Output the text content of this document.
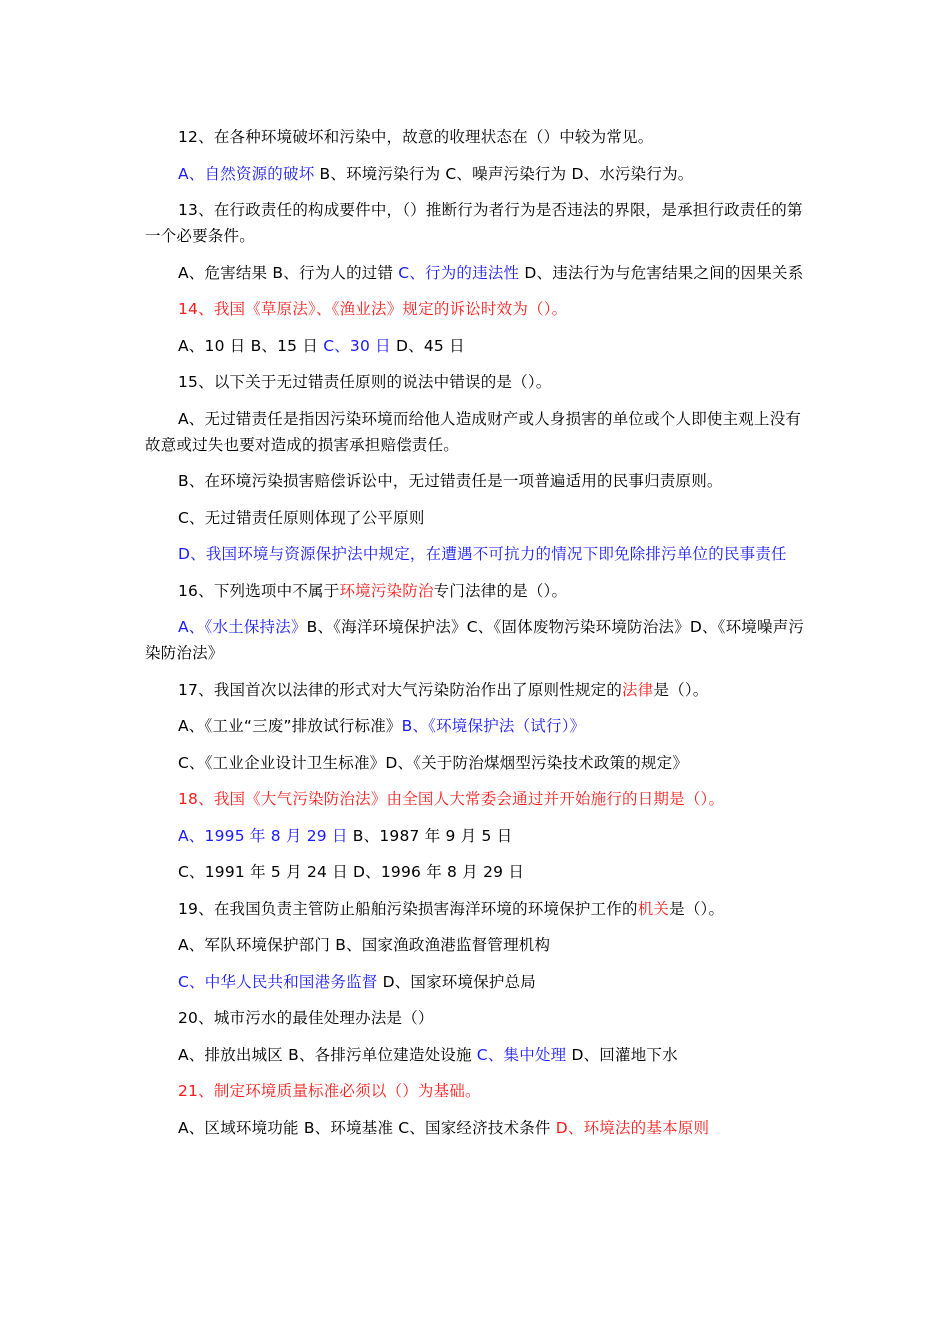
12、在各种环境破坏和污染中，故意的收理状态在（）中较为常见。

A、自然资源的破坏 B、环境污染行为 C、噪声污染行为 D、水污染行为。

13、在行政责任的构成要件中，（）推断行为者行为是否违法的界限，是承担行政责任的第一个必要条件。

A、危害结果 B、行为人的过错 C、行为的违法性 D、违法行为与危害结果之间的因果关系

14、我国《草原法》、《渔业法》规定的诉讼时效为（）。

A、10 日 B、15 日 C、30 日 D、45 日

15、以下关于无过错责任原则的说法中错误的是（）。

A、无过错责任是指因污染环境而给他人造成财产或人身损害的单位或个人即使主观上没有故意或过失也要对造成的损害承担赔偿责任。

B、在环境污染损害赔偿诉讼中，无过错责任是一项普遍适用的民事归责原则。

C、无过错责任原则体现了公平原则

D、我国环境与资源保护法中规定，在遭遇不可抗力的情况下即免除排污单位的民事责任

16、下列选项中不属于环境污染防治专门法律的是（）。

A、《水土保持法》B、《海洋环境保护法》C、《固体废物污染环境防治法》D、《环境噪声污染防治法》

17、我国首次以法律的形式对大气污染防治作出了原则性规定的法律是（）。

A、《工业“三废”排放试行标准》B、《环境保护法（试行）》

C、《工业企业设计卫生标准》D、《关于防治煤烟型污染技术政策的规定》

18、我国《大气污染防治法》由全国人大常委会通过并开始施行的日期是（）。

A、1995 年 8 月 29 日 B、1987 年 9 月 5 日

C、1991 年 5 月 24 日 D、1996 年 8 月 29 日

19、在我国负责主管防止船舶污染损害海洋环境的环境保护工作的机关是（）。

A、军队环境保护部门 B、国家渔政渔港监督管理机构

C、中华人民共和国港务监督 D、国家环境保护总局

20、城市污水的最佳处理办法是（）

A、排放出城区 B、各排污单位建造处设施 C、集中处理 D、回灌地下水

21、制定环境质量标准必须以（）为基础。

A、区域环境功能 B、环境基准 C、国家经济技术条件 D、环境法的基本原则
